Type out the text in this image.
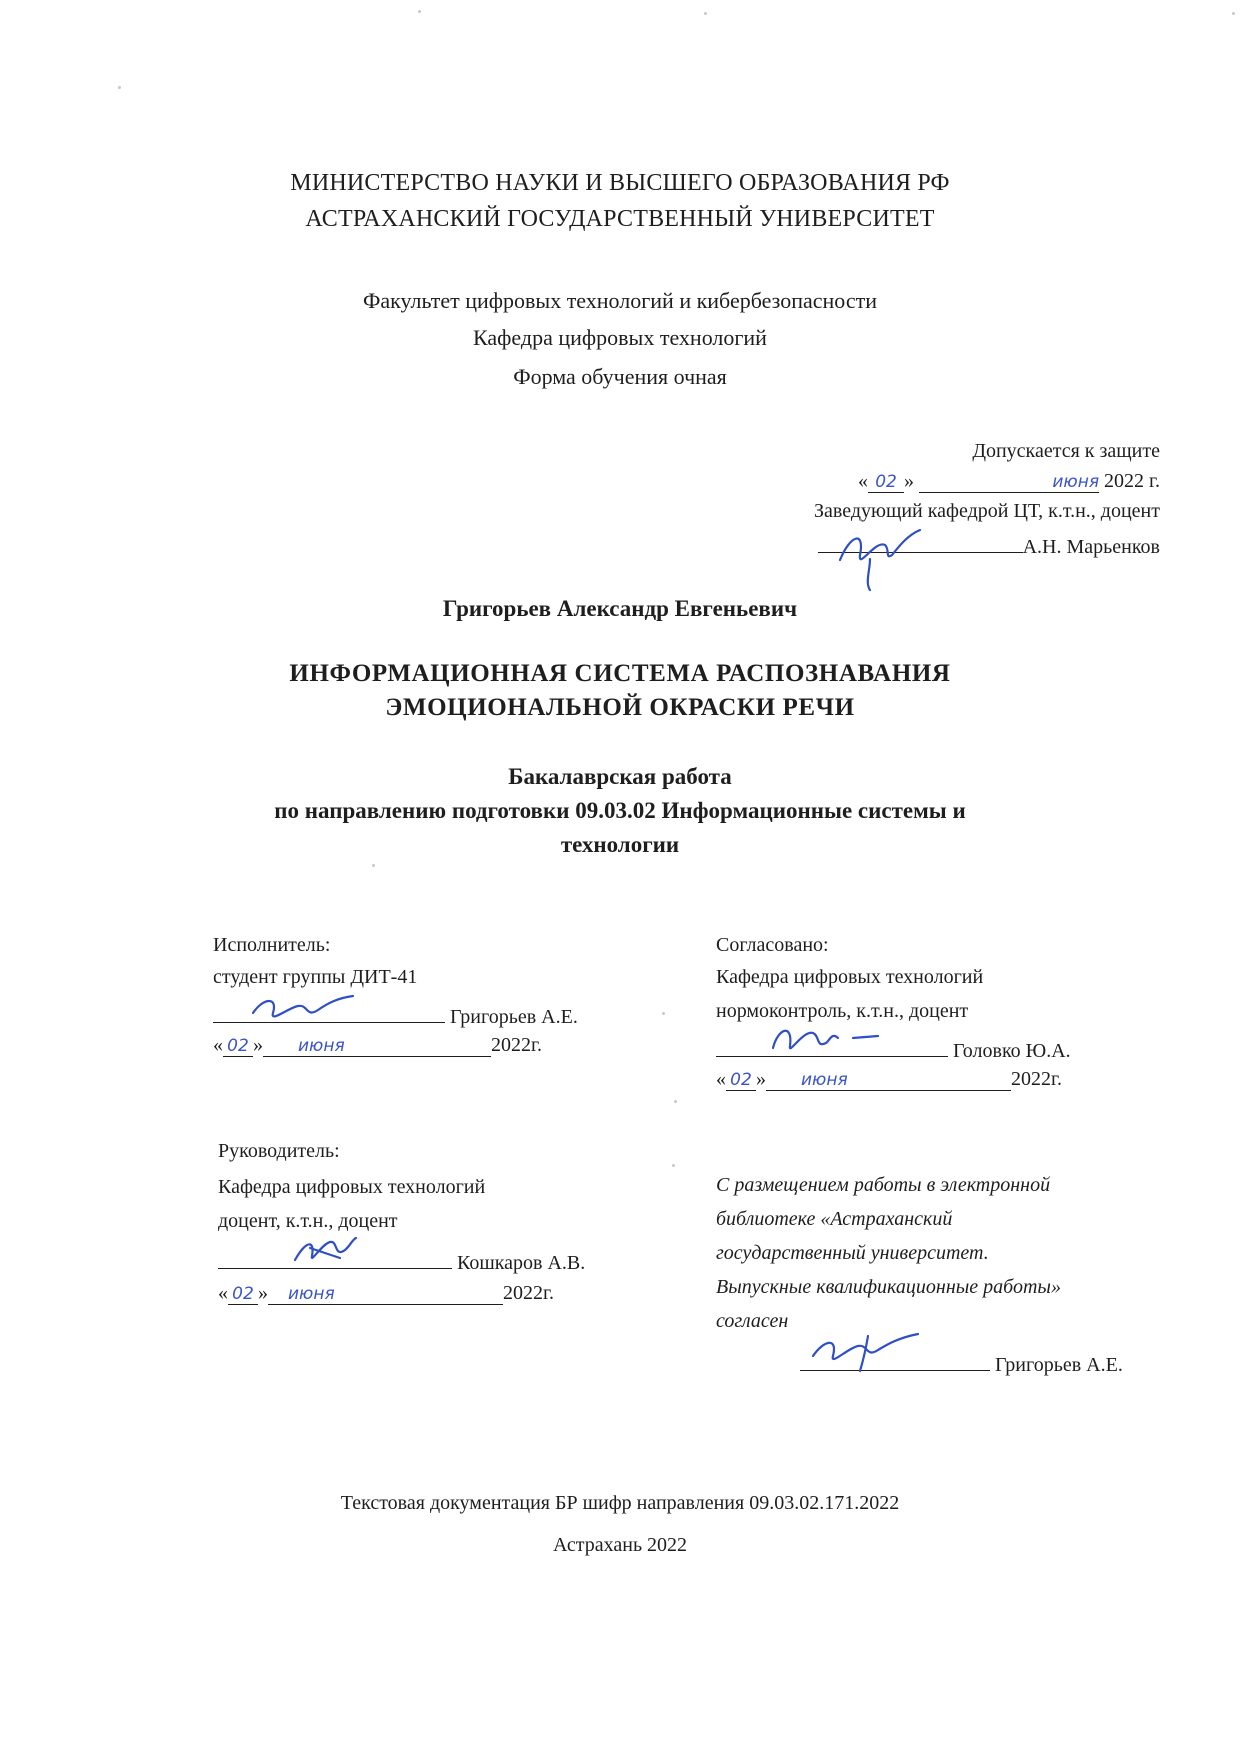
МИНИСТЕРСТВО НАУКИ И ВЫСШЕГО ОБРАЗОВАНИЯ РФ
АСТРАХАНСКИЙ ГОСУДАРСТВЕННЫЙ УНИВЕРСИТЕТ
Факультет цифровых технологий и кибербезопасности
Кафедра цифровых технологий
Форма обучения очная
Допускается к защите
« 02 »	июня 2022 г.
Заведующий кафедрой ЦТ, к.т.н., доцент
А.Н. Марьенков
Григорьев Александр Евгеньевич
ИНФОРМАЦИОННАЯ СИСТЕМА РАСПОЗНАВАНИЯ
ЭМОЦИОНАЛЬНОЙ ОКРАСКИ РЕЧИ
Бакалаврская работа
по направлению подготовки 09.03.02 Информационные системы и
технологии
Исполнитель:
студент группы ДИТ-41
Григорьев А.Е.
« 02 » июня	2022г.
Согласовано:
Кафедра цифровых технологий
нормоконтроль, к.т.н., доцент
Головко Ю.А.
« 02 » июня	2022г.
Руководитель:
Кафедра цифровых технологий
доцент, к.т.н., доцент
Кошкаров А.В.
« 02 » июня	2022г.
С размещением работы в электронной
библиотеке «Астраханский
государственный университет.
Выпускные квалификационные работы»
согласен
Григорьев А.Е.
Текстовая документация БР шифр направления 09.03.02.171.2022
Астрахань 2022
